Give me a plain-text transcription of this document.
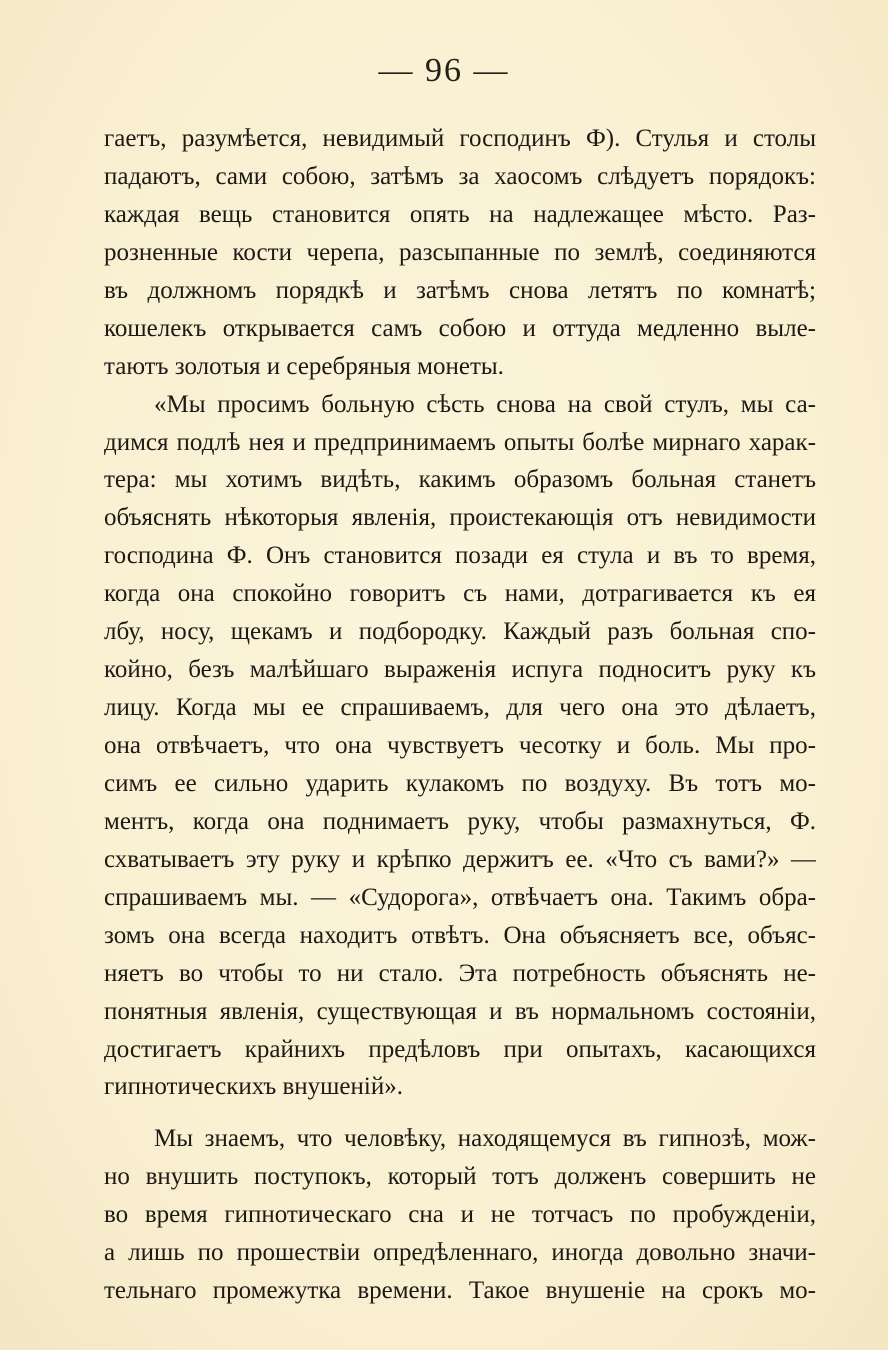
— 96 —
гаетъ, разумѣется, невидимый господинъ Ф). Стулья и столы
падаютъ, сами собою, затѣмъ за хаосомъ слѣдуетъ порядокъ:
каждая вещь становится опять на надлежащее мѣсто. Раз-
розненные кости черепа, разсыпанные по землѣ, соединяются
въ должномъ порядкѣ и затѣмъ снова летятъ по комнатѣ;
кошелекъ открывается самъ собою и оттуда медленно выле-
таютъ золотыя и серебряныя монеты.
«Мы просимъ больную сѣсть снова на свой стулъ, мы са-
димся подлѣ нея и предпринимаемъ опыты болѣе мирнаго харак-
тера: мы хотимъ видѣть, какимъ образомъ больная станетъ
объяснять нѣкоторыя явленія, проистекающія отъ невидимости
господина Ф. Онъ становится позади ея стула и въ то время,
когда она спокойно говоритъ съ нами, дотрагивается къ ея
лбу, носу, щекамъ и подбородку. Каждый разъ больная спо-
койно, безъ малѣйшаго выраженія испуга подноситъ руку къ
лицу. Когда мы ее спрашиваемъ, для чего она это дѣлаетъ,
она отвѣчаетъ, что она чувствуетъ чесотку и боль. Мы про-
симъ ее сильно ударить кулакомъ по воздуху. Въ тотъ мо-
ментъ, когда она поднимаетъ руку, чтобы размахнуться, Ф.
схватываетъ эту руку и крѣпко держитъ ее. «Что съ вами?» —
спрашиваемъ мы. — «Судорога», отвѣчаетъ она. Такимъ обра-
зомъ она всегда находитъ отвѣтъ. Она объясняетъ все, объяс-
няетъ во чтобы то ни стало. Эта потребность объяснять не-
понятныя явленія, существующая и въ нормальномъ состояніи,
достигаетъ крайнихъ предѣловъ при опытахъ, касающихся
гипнотическихъ внушеній».
Мы знаемъ, что человѣку, находящемуся въ гипнозѣ, мож-
но внушить поступокъ, который тотъ долженъ совершить не
во время гипнотическаго сна и не тотчасъ по пробужденіи,
а лишь по прошествіи опредѣленнаго, иногда довольно значи-
тельнаго промежутка времени. Такое внушеніе на срокъ мо-
